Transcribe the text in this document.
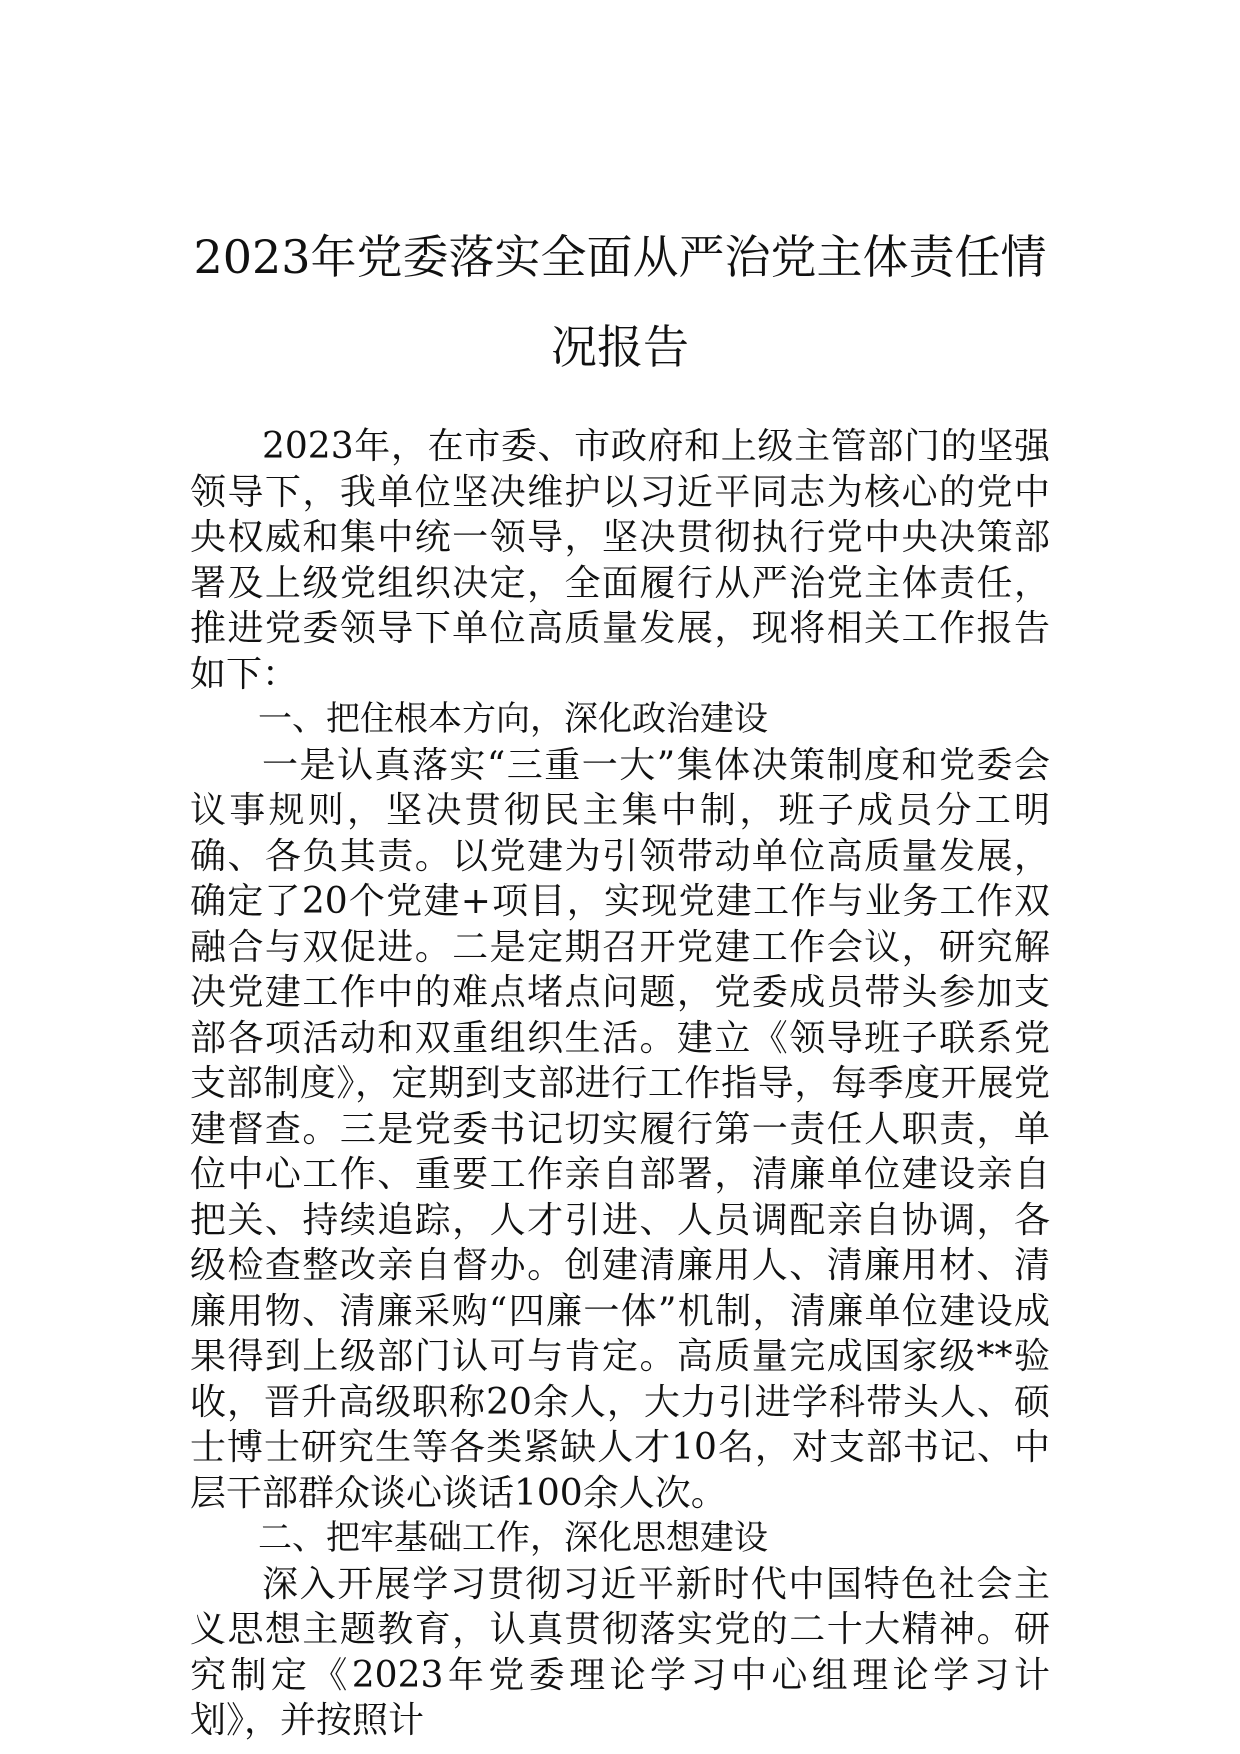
2023年党委落实全面从严治党主体责任情况报告

2023年，在市委、市政府和上级主管部门的坚强领导下，我单位坚决维护以习近平同志为核心的党中央权威和集中统一领导，坚决贯彻执行党中央决策部署及上级党组织决定，全面履行从严治党主体责任，推进党委领导下单位高质量发展，现将相关工作报告如下：

一、把住根本方向，深化政治建设

一是认真落实“三重一大”集体决策制度和党委会议事规则，坚决贯彻民主集中制，班子成员分工明确、各负其责。以党建为引领带动单位高质量发展，确定了20个党建+项目，实现党建工作与业务工作双融合与双促进。二是定期召开党建工作会议，研究解决党建工作中的难点堵点问题，党委成员带头参加支部各项活动和双重组织生活。建立《领导班子联系党支部制度》，定期到支部进行工作指导，每季度开展党建督查。三是党委书记切实履行第一责任人职责，单位中心工作、重要工作亲自部署，清廉单位建设亲自把关、持续追踪，人才引进、人员调配亲自协调，各级检查整改亲自督办。创建清廉用人、清廉用材、清廉用物、清廉采购“四廉一体”机制，清廉单位建设成果得到上级部门认可与肯定。高质量完成国家级**验收，晋升高级职称20余人，大力引进学科带头人、硕士博士研究生等各类紧缺人才10名，对支部书记、中层干部群众谈心谈话100余人次。

二、把牢基础工作，深化思想建设

深入开展学习贯彻习近平新时代中国特色社会主义思想主题教育，认真贯彻落实党的二十大精神。研究制定《2023年党委理论学习中心组理论学习计划》，并按照计
